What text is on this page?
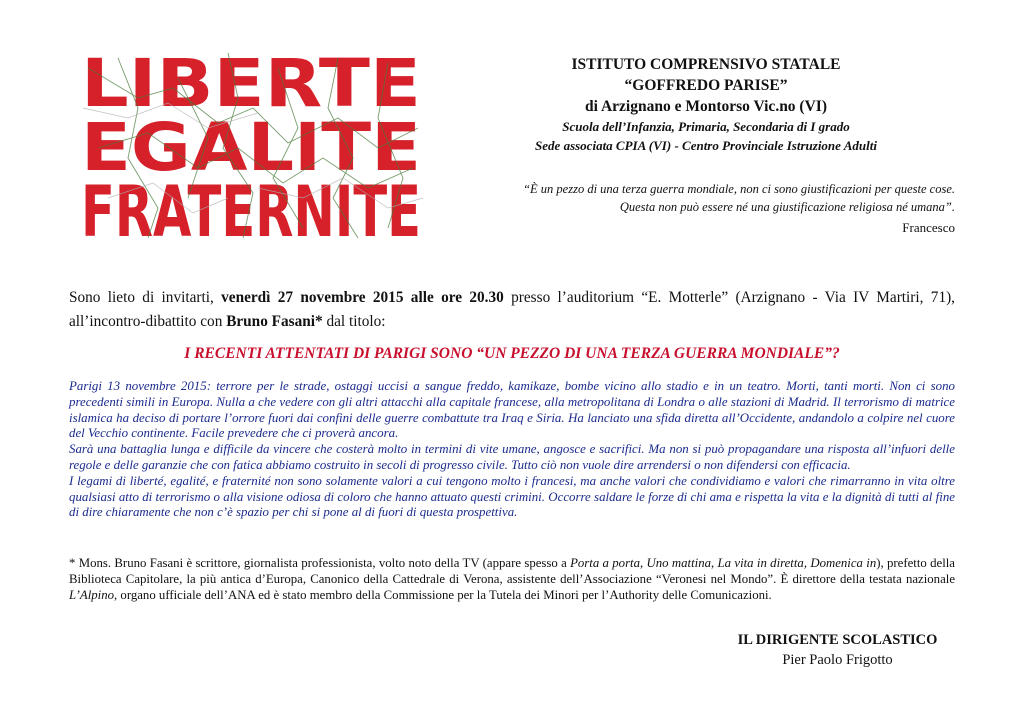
LIBERTE
EGALITE
FRATERNITE
ISTITUTO COMPRENSIVO STATALE
“GOFFREDO PARISE”
di Arzignano e Montorso Vic.no (VI)
Scuola dell’Infanzia, Primaria, Secondaria di I grado
Sede associata CPIA (VI) - Centro Provinciale Istruzione Adulti
“È un pezzo di una terza guerra mondiale, non ci sono giustificazioni per queste cose.
Questa non può essere né una giustificazione religiosa né umana”.
Francesco
Sono lieto di invitarti, venerdì 27 novembre 2015 alle ore 20.30 presso l’auditorium “E. Motterle” (Arzignano - Via IV Martiri, 71), all’incontro-dibattito con Bruno Fasani* dal titolo:
I RECENTI ATTENTATI DI PARIGI SONO “UN PEZZO DI UNA TERZA GUERRA MONDIALE”?

Parigi 13 novembre 2015: terrore per le strade, ostaggi uccisi a sangue freddo, kamikaze, bombe vicino allo stadio e in un teatro. Morti, tanti morti. Non ci sono precedenti simili in Europa. Nulla a che vedere con gli altri attacchi alla capitale francese, alla metropolitana di Londra o alle stazioni di Madrid. Il terrorismo di matrice islamica ha deciso di portare l’orrore fuori dai confini delle guerre combattute tra Iraq e Siria. Ha lanciato una sfida diretta all’Occidente, andandolo a colpire nel cuore del Vecchio continente. Facile prevedere che ci proverà ancora.

Sarà una battaglia lunga e difficile da vincere che costerà molto in termini di vite umane, angosce e sacrifici. Ma non si può propagandare una risposta all’infuori delle regole e delle garanzie che con fatica abbiamo costruito in secoli di progresso civile. Tutto ciò non vuole dire arrendersi o non difendersi con efficacia.

I legami di liberté, egalité, e fraternité non sono solamente valori a cui tengono molto i francesi, ma anche valori che condividiamo e valori che rimarranno in vita oltre qualsiasi atto di terrorismo o alla visione odiosa di coloro che hanno attuato questi crimini. Occorre saldare le forze di chi ama e rispetta la vita e la dignità di tutti al fine di dire chiaramente che non c’è spazio per chi si pone al di fuori di questa prospettiva.

* Mons. Bruno Fasani è scrittore, giornalista professionista, volto noto della TV (appare spesso a Porta a porta, Uno mattina, La vita in diretta, Domenica in), prefetto della Biblioteca Capitolare, la più antica d’Europa, Canonico della Cattedrale di Verona, assistente dell’Associazione “Veronesi nel Mondo”. È direttore della testata nazionale L’Alpino, organo ufficiale dell’ANA ed è stato membro della Commissione per la Tutela dei Minori per l’Authority delle Comunicazioni.
IL DIRIGENTE SCOLASTICO
Pier Paolo Frigotto
